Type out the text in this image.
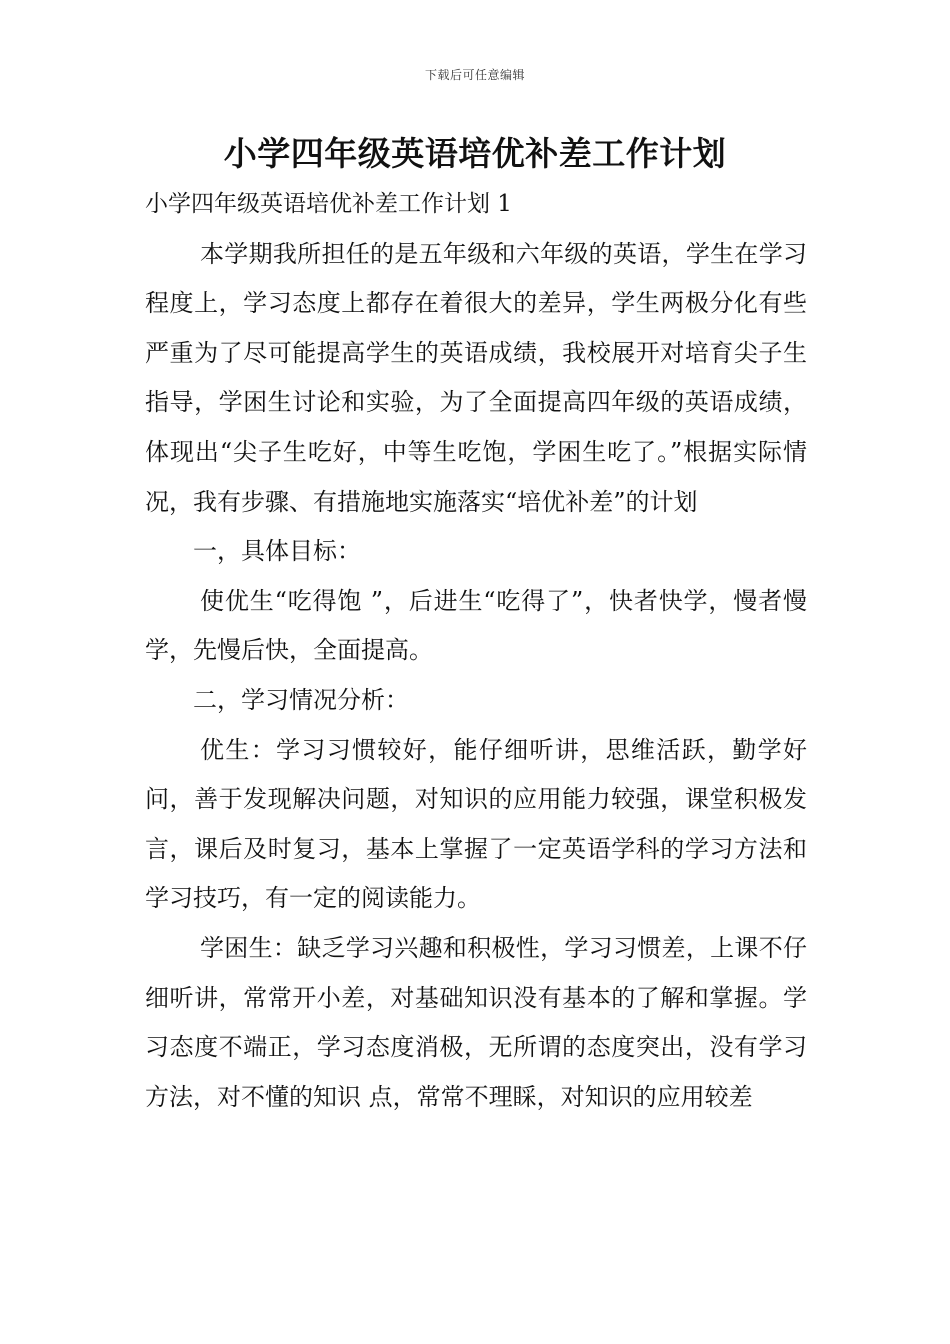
下载后可任意编辑
小学四年级英语培优补差工作计划

小学四年级英语培优补差工作计划 1

本学期我所担任的是五年级和六年级的英语，学生在学习程度上，学习态度上都存在着很大的差异，学生两极分化有些严重为了尽可能提高学生的英语成绩，我校展开对培育尖子生指导，学困生讨论和实验，为了全面提高四年级的英语成绩，体现出“尖子生吃好，中等生吃饱，学困生吃了。”根据实际情况，我有步骤、有措施地实施落实“培优补差”的计划

一，具体目标：

使优生“吃得饱 ”，后进生“吃得了”，快者快学，慢者慢学，先慢后快，全面提高。

二，学习情况分析：

优生：学习习惯较好，能仔细听讲，思维活跃，勤学好问，善于发现解决问题，对知识的应用能力较强，课堂积极发言，课后及时复习，基本上掌握了一定英语学科的学习方法和学习技巧，有一定的阅读能力。

学困生：缺乏学习兴趣和积极性，学习习惯差，上课不仔细听讲，常常开小差，对基础知识没有基本的了解和掌握。学习态度不端正，学习态度消极，无所谓的态度突出，没有学习方法，对不懂的知识 点，常常不理睬，对知识的应用较差
